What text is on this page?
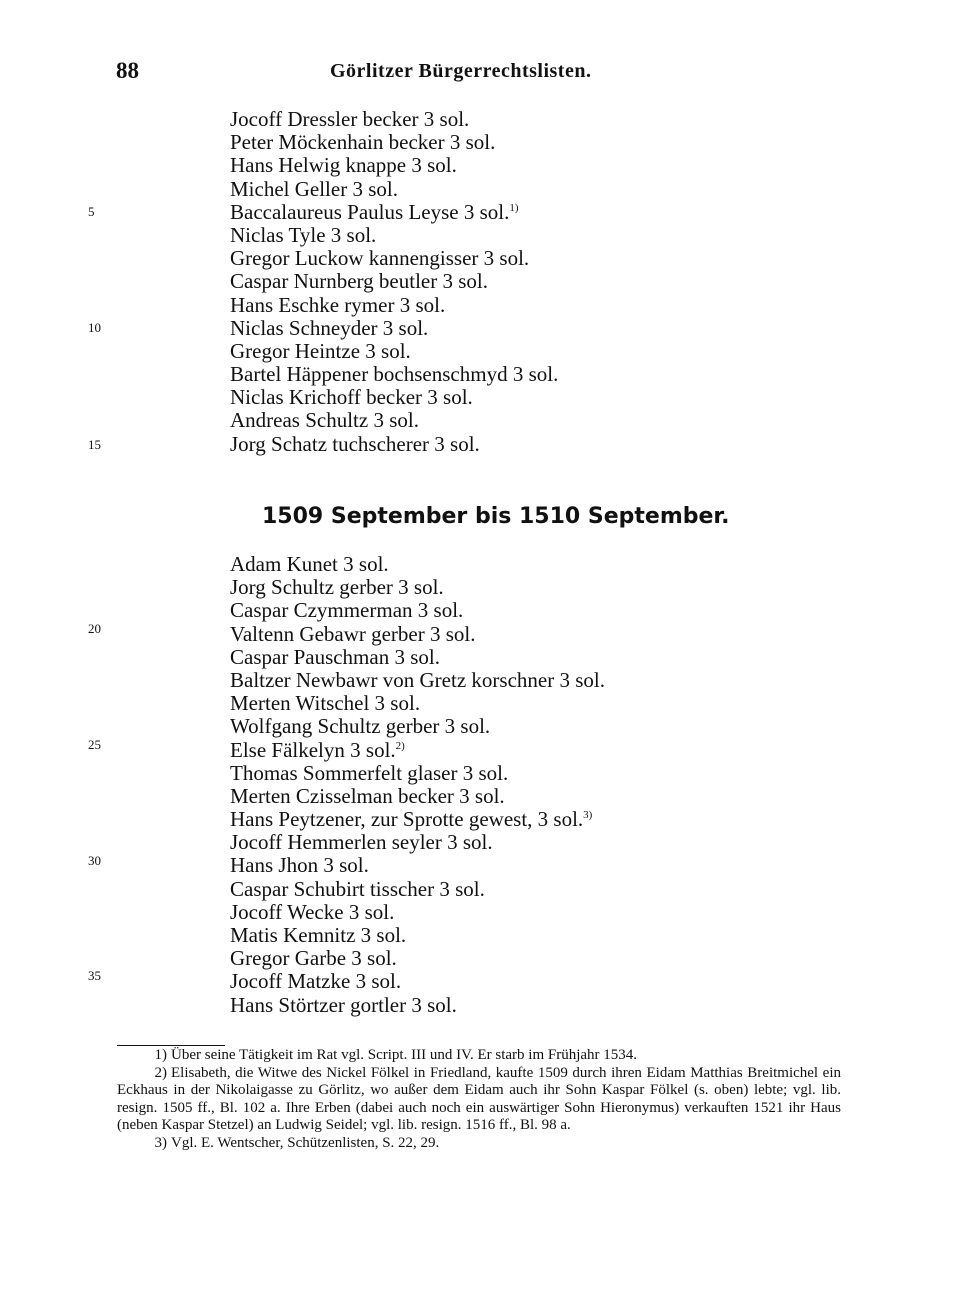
88	Görlitzer Bürgerrechtslisten.
Jocoff Dressler becker 3 sol.
Peter Möckenhain becker 3 sol.
Hans Helwig knappe 3 sol.
Michel Geller 3 sol.
Baccalaureus Paulus Leyse 3 sol.$^{1)}$
Niclas Tyle 3 sol.
Gregor Luckow kannengisser 3 sol.
Caspar Nurnberg beutler 3 sol.
Hans Eschke rymer 3 sol.
Niclas Schneyder 3 sol.
Gregor Heintze 3 sol.
Bartel Häppener bochsenschmyd 3 sol.
Niclas Krichoff becker 3 sol.
Andreas Schultz 3 sol.
Jorg Schatz tuchscherer 3 sol.
1509 September bis 1510 September.
Adam Kunet 3 sol.
Jorg Schultz gerber 3 sol.
Caspar Czymmerman 3 sol.
Valtenn Gebawr gerber 3 sol.
Caspar Pauschman 3 sol.
Baltzer Newbawr von Gretz korschner 3 sol.
Merten Witschel 3 sol.
Wolfgang Schultz gerber 3 sol.
Else Fälkelyn 3 sol.$^{2)}$
Thomas Sommerfelt glaser 3 sol.
Merten Czisselman becker 3 sol.
Hans Peytzener, zur Sprotte gewest, 3 sol.$^{3)}$
Jocoff Hemmerlen seyler 3 sol.
Hans Jhon 3 sol.
Caspar Schubirt tisscher 3 sol.
Jocoff Wecke 3 sol.
Matis Kemnitz 3 sol.
Gregor Garbe 3 sol.
Jocoff Matzke 3 sol.
Hans Störtzer gortler 3 sol.
5
10
15
20
25
30
35

1) Über seine Tätigkeit im Rat vgl. Script. III und IV. Er starb im Frühjahr 1534.

2) Elisabeth, die Witwe des Nickel Fölkel in Friedland, kaufte 1509 durch ihren Eidam Matthias Breitmichel ein Eckhaus in der Nikolaigasse zu Görlitz, wo außer dem Eidam auch ihr Sohn Kaspar Fölkel (s. oben) lebte; vgl. lib. resign. 1505 ff., Bl. 102 a. Ihre Erben (dabei auch noch ein auswärtiger Sohn Hieronymus) verkauften 1521 ihr Haus (neben Kaspar Stetzel) an Ludwig Seidel; vgl. lib. resign. 1516 ff., Bl. 98 a.

3) Vgl. E. Wentscher, Schützenlisten, S. 22, 29.
